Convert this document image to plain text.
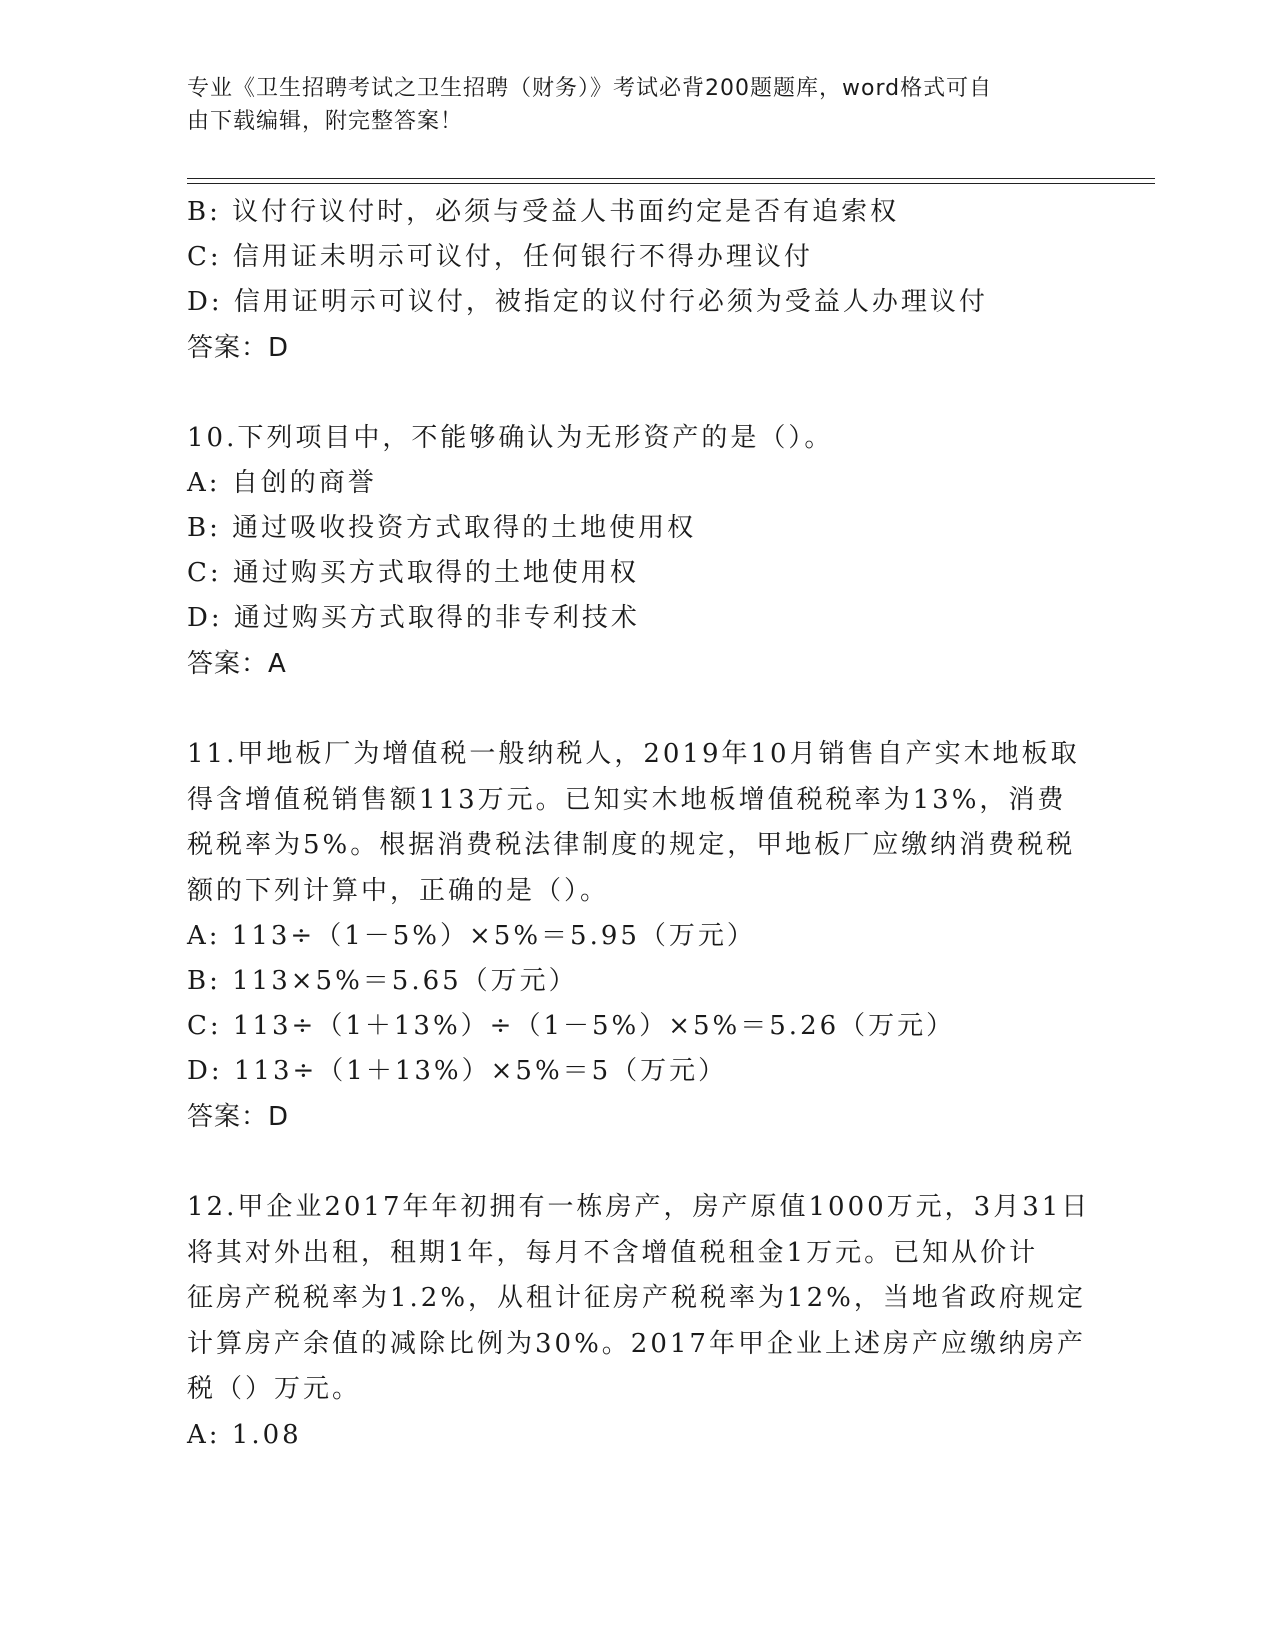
专业《卫生招聘考试之卫生招聘（财务）》考试必背200题题库，word格式可自
由下载编辑，附完整答案！
B: 议付行议付时，必须与受益人书面约定是否有追索权
C: 信用证未明示可议付，任何银行不得办理议付
D: 信用证明示可议付，被指定的议付行必须为受益人办理议付
答案：D
10.下列项目中，不能够确认为无形资产的是（）。
A: 自创的商誉
B: 通过吸收投资方式取得的土地使用权
C: 通过购买方式取得的土地使用权
D: 通过购买方式取得的非专利技术
答案：A
11.甲地板厂为增值税一般纳税人，2019年10月销售自产实木地板取
得含增值税销售额113万元。已知实木地板增值税税率为13%，消费
税税率为5%。根据消费税法律制度的规定，甲地板厂应缴纳消费税税
额的下列计算中，正确的是（）。
A: 113÷（1－5%）×5%＝5.95（万元）
B: 113×5%＝5.65（万元）
C: 113÷（1＋13%）÷（1－5%）×5%＝5.26（万元）
D: 113÷（1＋13%）×5%＝5（万元）
答案：D
12.甲企业2017年年初拥有一栋房产，房产原值1000万元，3月31日
将其对外出租，租期1年，每月不含增值税租金1万元。已知从价计
征房产税税率为1.2%，从租计征房产税税率为12%，当地省政府规定
计算房产余值的减除比例为30%。2017年甲企业上述房产应缴纳房产
税（）万元。
A: 1.08
